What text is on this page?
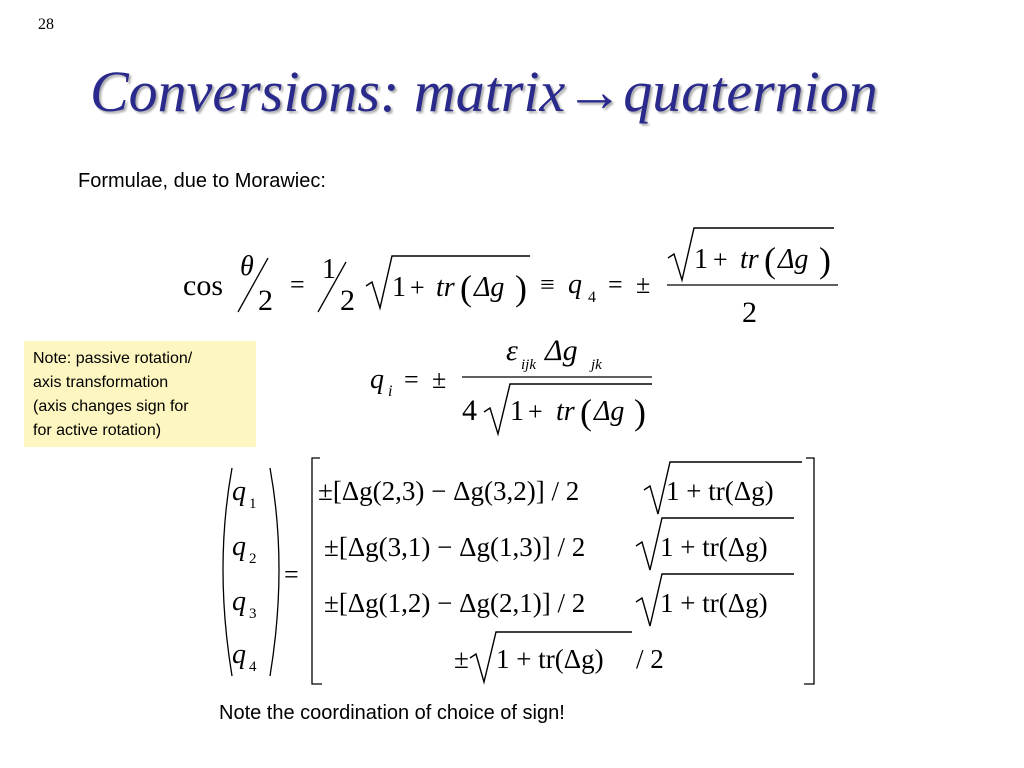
28
Conversions: matrix→quaternion
Formulae, due to Morawiec:
cos
θ
2 = 1
2 1 + tr ( Δg ) ≡ q 4 = ±
1 + tr ( Δg )
2
q i = ±
ε ijk Δg jk
4 1 + tr ( Δg )
q 1
q 2
q 3
q 4
=
±[Δg(2,3) − Δg(3,2)] / 2	1 + tr(Δg)
±[Δg(3,1) − Δg(1,3)] / 2	1 + tr(Δg)
±[Δg(1,2) − Δg(2,1)] / 2	1 + tr(Δg)
± 1 + tr(Δg) / 2
Note: passive rotation/
axis transformation
(axis changes sign for
for active rotation)
Note the coordination of choice of sign!
